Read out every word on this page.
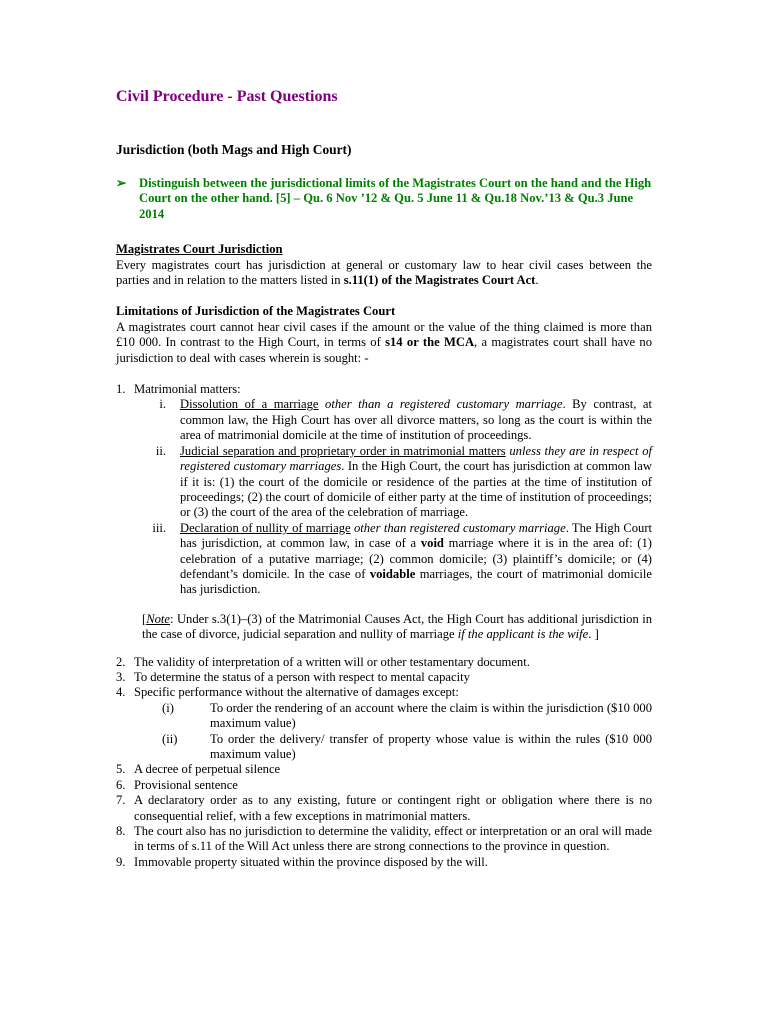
Civil Procedure - Past Questions
Jurisdiction (both Mags and High Court)
➢ Distinguish between the jurisdictional limits of the Magistrates Court on the hand and the High Court on the other hand. [5] – Qu. 6 Nov ’12 & Qu. 5 June 11 & Qu.18 Nov.’13 & Qu.3 June 2014
Magistrates Court Jurisdiction

Every magistrates court has jurisdiction at general or customary law to hear civil cases between the parties and in relation to the matters listed in s.11(1) of the Magistrates Court Act.

Limitations of Jurisdiction of the Magistrates Court

A magistrates court cannot hear civil cases if the amount or the value of the thing claimed is more than £10 000. In contrast to the High Court, in terms of s14 or the MCA, a magistrates court shall have no jurisdiction to deal with cases wherein is sought: -

1. Matrimonial matters:
i.	Dissolution of a marriage other than a registered customary marriage. By contrast, at common law, the High Court has over all divorce matters, so long as the court is within the area of matrimonial domicile at the time of institution of proceedings.
ii.	Judicial separation and proprietary order in matrimonial matters unless they are in respect of registered customary marriages. In the High Court, the court has jurisdiction at common law if it is: (1) the court of the domicile or residence of the parties at the time of institution of proceedings; (2) the court of domicile of either party at the time of institution of proceedings; or (3) the court of the area of the celebration of marriage.
iii.	Declaration of nullity of marriage other than registered customary marriage. The High Court has jurisdiction, at common law, in case of a void marriage where it is in the area of: (1) celebration of a putative marriage; (2) common domicile; (3) plaintiff’s domicile; or (4) defendant’s domicile. In the case of voidable marriages, the court of matrimonial domicile has jurisdiction.

[Note: Under s.3(1)–(3) of the Matrimonial Causes Act, the High Court has additional jurisdiction in the case of divorce, judicial separation and nullity of marriage if the applicant is the wife. ]

2. The validity of interpretation of a written will or other testamentary document.
3. To determine the status of a person with respect to mental capacity
4. Specific performance without the alternative of damages except:
(i)	To order the rendering of an account where the claim is within the jurisdiction ($10 000 maximum value)
(ii)	To order the delivery/ transfer of property whose value is within the rules ($10 000 maximum value)
5. A decree of perpetual silence
6. Provisional sentence
7. A declaratory order as to any existing, future or contingent right or obligation where there is no consequential relief, with a few exceptions in matrimonial matters.
8. The court also has no jurisdiction to determine the validity, effect or interpretation or an oral will made in terms of s.11 of the Will Act unless there are strong connections to the province in question.
9. Immovable property situated within the province disposed by the will.
